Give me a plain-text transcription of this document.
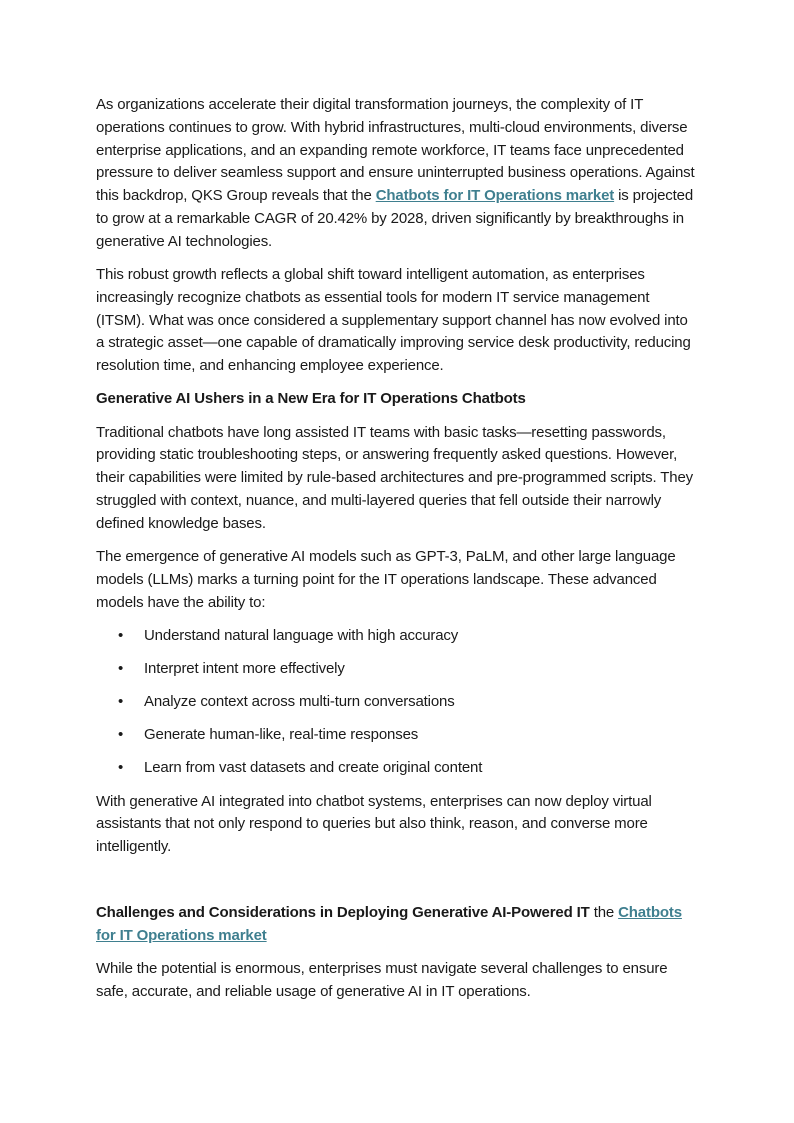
As organizations accelerate their digital transformation journeys, the complexity of IT operations continues to grow. With hybrid infrastructures, multi-cloud environments, diverse enterprise applications, and an expanding remote workforce, IT teams face unprecedented pressure to deliver seamless support and ensure uninterrupted business operations. Against this backdrop, QKS Group reveals that the Chatbots for IT Operations market is projected to grow at a remarkable CAGR of 20.42% by 2028, driven significantly by breakthroughs in generative AI technologies.

This robust growth reflects a global shift toward intelligent automation, as enterprises increasingly recognize chatbots as essential tools for modern IT service management (ITSM). What was once considered a supplementary support channel has now evolved into a strategic asset—one capable of dramatically improving service desk productivity, reducing resolution time, and enhancing employee experience.

Generative AI Ushers in a New Era for IT Operations Chatbots

Traditional chatbots have long assisted IT teams with basic tasks—resetting passwords, providing static troubleshooting steps, or answering frequently asked questions. However, their capabilities were limited by rule-based architectures and pre-programmed scripts. They struggled with context, nuance, and multi-layered queries that fell outside their narrowly defined knowledge bases.

The emergence of generative AI models such as GPT-3, PaLM, and other large language models (LLMs) marks a turning point for the IT operations landscape. These advanced models have the ability to:

• Understand natural language with high accuracy
• Interpret intent more effectively
• Analyze context across multi-turn conversations
• Generate human-like, real-time responses
• Learn from vast datasets and create original content

With generative AI integrated into chatbot systems, enterprises can now deploy virtual assistants that not only respond to queries but also think, reason, and converse more intelligently.

Challenges and Considerations in Deploying Generative AI-Powered IT the Chatbots for IT Operations market

While the potential is enormous, enterprises must navigate several challenges to ensure safe, accurate, and reliable usage of generative AI in IT operations.
